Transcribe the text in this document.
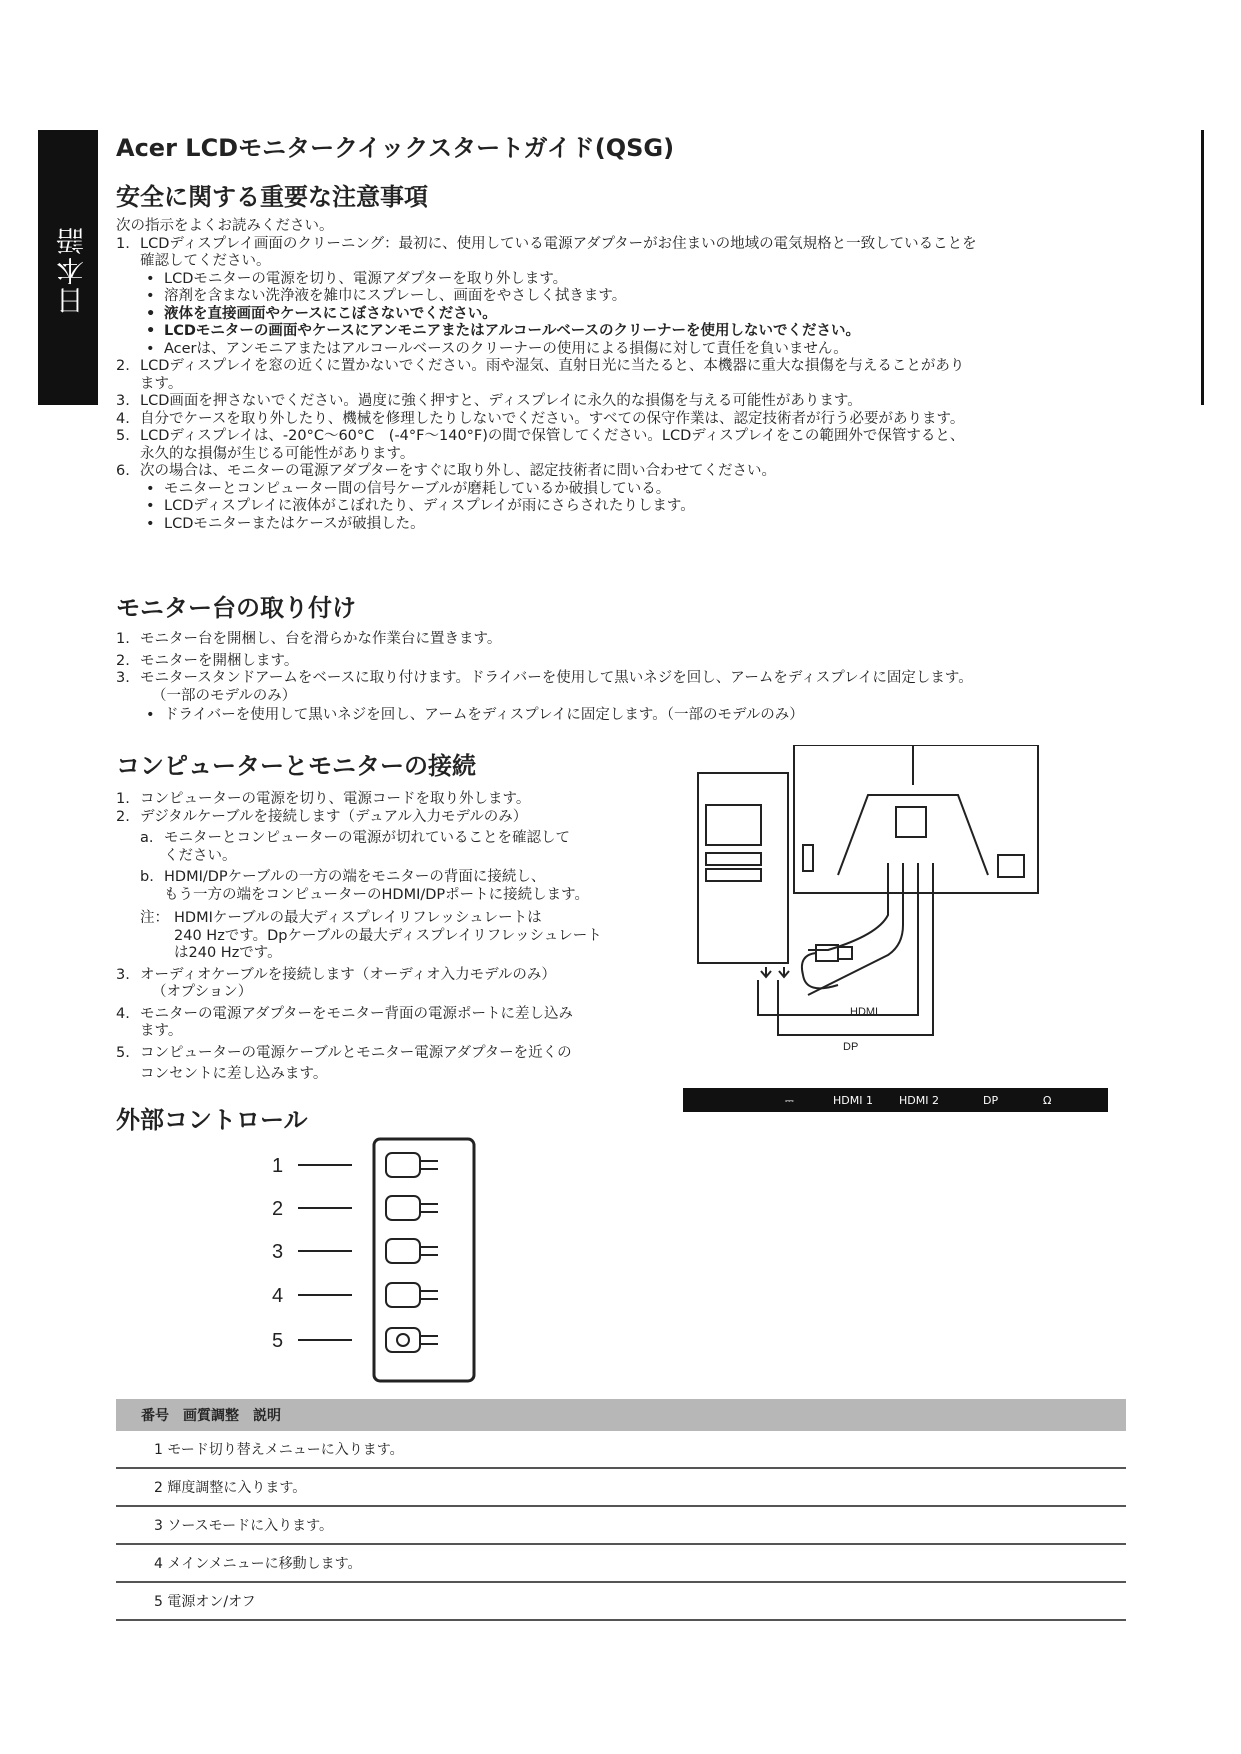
日本語
Acer LCDモニタークイックスタートガイド(QSG)
安全に関する重要な注意事項
次の指示をよくお読みください。
1. LCDディスプレイ画面のクリーニング：最初に、使用している電源アダプターがお住まいの地域の電気規格と一致していることを
確認してください。
• LCDモニターの電源を切り、電源アダプターを取り外します。
• 溶剤を含まない洗浄液を雑巾にスプレーし、画面をやさしく拭きます。
• 液体を直接画面やケースにこぼさないでください。
• LCDモニターの画面やケースにアンモニアまたはアルコールベースのクリーナーを使用しないでください。
• Acerは、アンモニアまたはアルコールベースのクリーナーの使用による損傷に対して責任を負いません。
2. LCDディスプレイを窓の近くに置かないでください。雨や湿気、直射日光に当たると、本機器に重大な損傷を与えることがあり
ます。
3. LCD画面を押さないでください。過度に強く押すと、ディスプレイに永久的な損傷を与える可能性があります。
4. 自分でケースを取り外したり、機械を修理したりしないでください。すべての保守作業は、認定技術者が行う必要があります。
5. LCDディスプレイは、-20°C～60°C　(-4°F～140°F)の間で保管してください。LCDディスプレイをこの範囲外で保管すると、
永久的な損傷が生じる可能性があります。
6. 次の場合は、モニターの電源アダプターをすぐに取り外し、認定技術者に問い合わせてください。
• モニターとコンピューター間の信号ケーブルが磨耗しているか破損している。
• LCDディスプレイに液体がこぼれたり、ディスプレイが雨にさらされたりします。
• LCDモニターまたはケースが破損した。
モニター台の取り付け
1. モニター台を開梱し、台を滑らかな作業台に置きます。
2. モニターを開梱します。
3. モニタースタンドアームをベースに取り付けます。ドライバーを使用して黒いネジを回し、アームをディスプレイに固定します。
（一部のモデルのみ）
• ドライバーを使用して黒いネジを回し、アームをディスプレイに固定します。（一部のモデルのみ）
コンピューターとモニターの接続
1. コンピューターの電源を切り、電源コードを取り外します。
2. デジタルケーブルを接続します（デュアル入力モデルのみ）
a. モニターとコンピューターの電源が切れていることを確認して
ください。
b. HDMI/DPケーブルの一方の端をモニターの背面に接続し、
もう一方の端をコンピューターのHDMI/DPポートに接続します。
注： HDMIケーブルの最大ディスプレイリフレッシュレートは
240 Hzです。Dpケーブルの最大ディスプレイリフレッシュレート
は240 Hzです。
3. オーディオケーブルを接続します（オーディオ入力モデルのみ）
（オプション）
4. モニターの電源アダプターをモニター背面の電源ポートに差し込み
ます。
5. コンピューターの電源ケーブルとモニター電源アダプターを近くの
コンセントに差し込みます。
HDMI
DP
⎓	HDMI 1 HDMI 2	DP	Ω
外部コントロール
1
2
3
4
5
番号　画質調整　説明
1 モード切り替えメニューに入ります。
2 輝度調整に入ります。
3 ソースモードに入ります。
4 メインメニューに移動します。
5 電源オン/オフ
